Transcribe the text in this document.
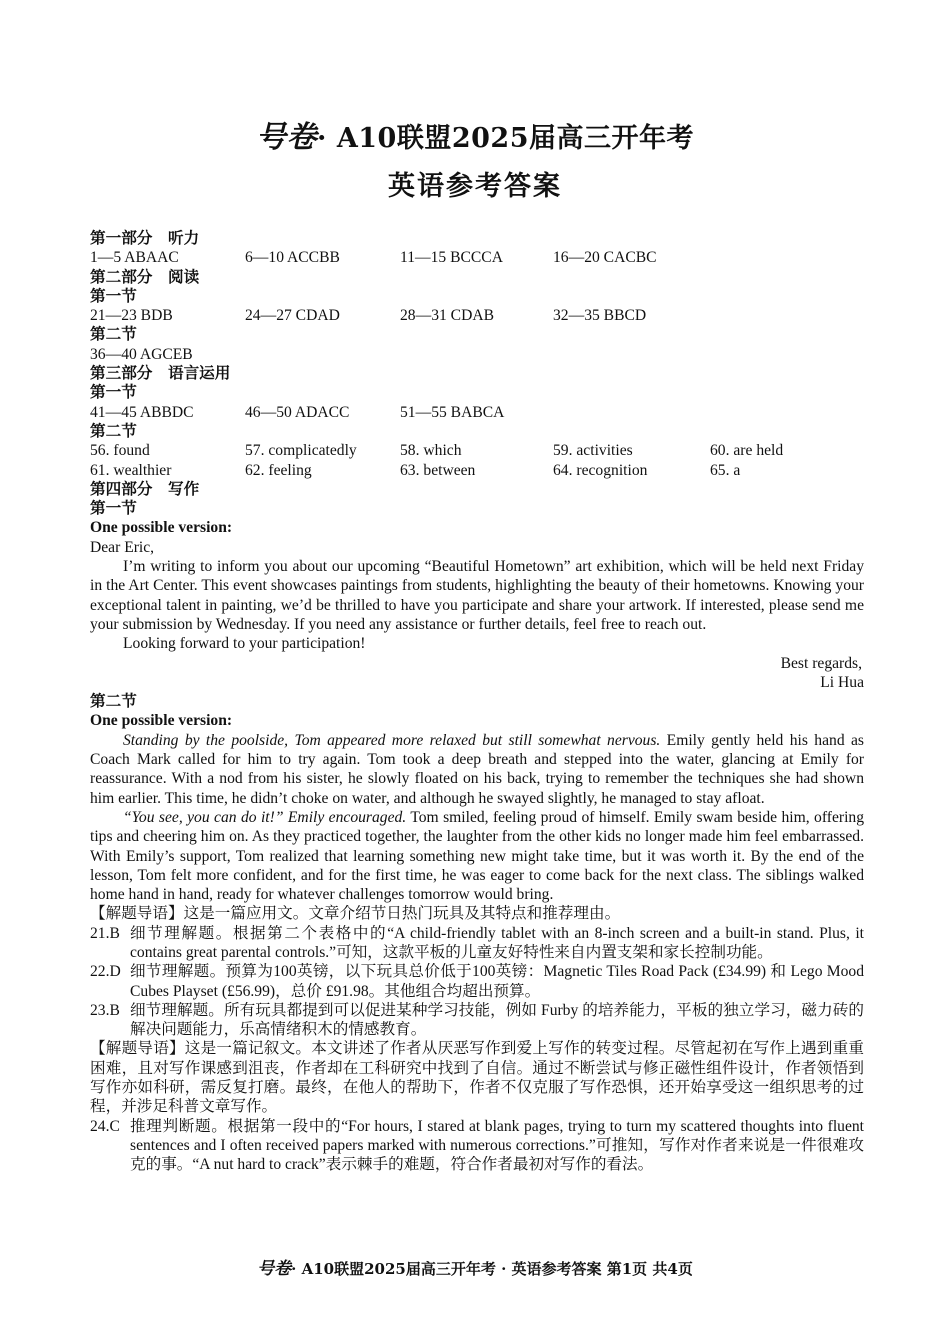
号卷· A10联盟2025届高三开年考
英语参考答案
第一部分　听力
1—5 ABAAC	6—10 ACCBB	11—15 BCCCA	16—20 CACBC
第二部分　阅读
第一节
21—23 BDB	24—27 CDAD	28—31 CDAB	32—35 BBCD
第二节
36—40 AGCEB
第三部分　语言运用
第一节
41—45 ABBDC	46—50 ADACC	51—55 BABCA
第二节
56. found	57. complicatedly	58. which	59. activities	60. are held
61. wealthier	62. feeling	63. between	64. recognition	65. a
第四部分　写作
第一节
One possible version:
Dear Eric,
I’m writing to inform you about our upcoming “Beautiful Hometown” art exhibition, which will be held next Friday in the Art Center. This event showcases paintings from students, highlighting the beauty of their hometowns. Knowing your exceptional talent in painting, we’d be thrilled to have you participate and share your artwork. If interested, please send me your submission by Wednesday. If you need any assistance or further details, feel free to reach out.
Looking forward to your participation!
Best regards,
Li Hua
第二节
One possible version:
Standing by the poolside, Tom appeared more relaxed but still somewhat nervous. Emily gently held his hand as Coach Mark called for him to try again. Tom took a deep breath and stepped into the water, glancing at Emily for reassurance. With a nod from his sister, he slowly floated on his back, trying to remember the techniques she had shown him earlier. This time, he didn’t choke on water, and although he swayed slightly, he managed to stay afloat.
“You see, you can do it!” Emily encouraged. Tom smiled, feeling proud of himself. Emily swam beside him, offering tips and cheering him on. As they practiced together, the laughter from the other kids no longer made him feel embarrassed. With Emily’s support, Tom realized that learning something new might take time, but it was worth it. By the end of the lesson, Tom felt more confident, and for the first time, he was eager to come back for the next class. The siblings walked home hand in hand, ready for whatever challenges tomorrow would bring.
【解题导语】这是一篇应用文。文章介绍节日热门玩具及其特点和推荐理由。
21.B 细节理解题。根据第二个表格中的“A child-friendly tablet with an 8-inch screen and a built-in stand. Plus, it contains great parental controls.”可知，这款平板的儿童友好特性来自内置支架和家长控制功能。
22.D 细节理解题。预算为100英镑，以下玩具总价低于100英镑：Magnetic Tiles Road Pack (£34.99) 和 Lego Mood Cubes Playset (£56.99)，总价 £91.98。其他组合均超出预算。
23.B 细节理解题。所有玩具都提到可以促进某种学习技能，例如 Furby 的培养能力，平板的独立学习，磁力砖的解决问题能力，乐高情绪积木的情感教育。
【解题导语】这是一篇记叙文。本文讲述了作者从厌恶写作到爱上写作的转变过程。尽管起初在写作上遇到重重困难，且对写作课感到沮丧，作者却在工科研究中找到了自信。通过不断尝试与修正磁性组件设计，作者领悟到写作亦如科研，需反复打磨。最终，在他人的帮助下，作者不仅克服了写作恐惧，还开始享受这一组织思考的过程，并涉足科普文章写作。
24.C 推理判断题。根据第一段中的“For hours, I stared at blank pages, trying to turn my scattered thoughts into fluent sentences and I often received papers marked with numerous corrections.”可推知，写作对作者来说是一件很难攻克的事。“A nut hard to crack”表示棘手的难题，符合作者最初对写作的看法。
号卷· A10联盟2025届高三开年考 · 英语参考答案 第1页 共4页
